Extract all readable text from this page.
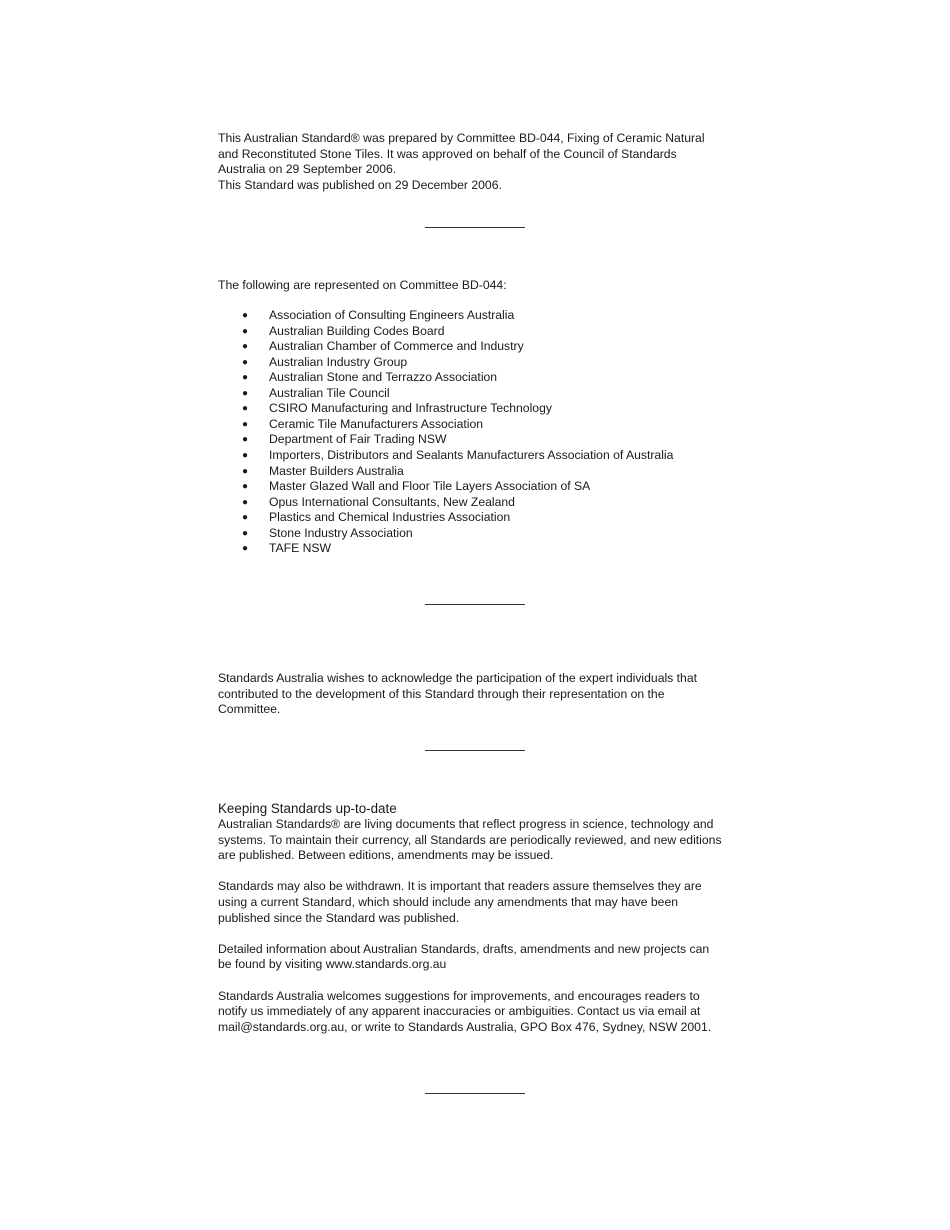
This Australian Standard® was prepared by Committee BD-044, Fixing of Ceramic Natural

and Reconstituted Stone Tiles. It was approved on behalf of the Council of Standards

Australia on 29 September 2006.

This Standard was published on 29 December 2006.

The following are represented on Committee BD-044:

● Association of Consulting Engineers Australia
● Australian Building Codes Board
● Australian Chamber of Commerce and Industry
● Australian Industry Group
● Australian Stone and Terrazzo Association
● Australian Tile Council
● CSIRO Manufacturing and Infrastructure Technology
● Ceramic Tile Manufacturers Association
● Department of Fair Trading NSW
● Importers, Distributors and Sealants Manufacturers Association of Australia
● Master Builders Australia
● Master Glazed Wall and Floor Tile Layers Association of SA
● Opus International Consultants, New Zealand
● Plastics and Chemical Industries Association
● Stone Industry Association
● TAFE NSW

Standards Australia wishes to acknowledge the participation of the expert individuals that

contributed to the development of this Standard through their representation on the

Committee.

Keeping Standards up-to-date

Australian Standards® are living documents that reflect progress in science, technology and

systems. To maintain their currency, all Standards are periodically reviewed, and new editions

are published. Between editions, amendments may be issued.

Standards may also be withdrawn. It is important that readers assure themselves they are

using a current Standard, which should include any amendments that may have been

published since the Standard was published.

Detailed information about Australian Standards, drafts, amendments and new projects can

be found by visiting www.standards.org.au

Standards Australia welcomes suggestions for improvements, and encourages readers to

notify us immediately of any apparent inaccuracies or ambiguities. Contact us via email at

mail@standards.org.au, or write to Standards Australia, GPO Box 476, Sydney, NSW 2001.
